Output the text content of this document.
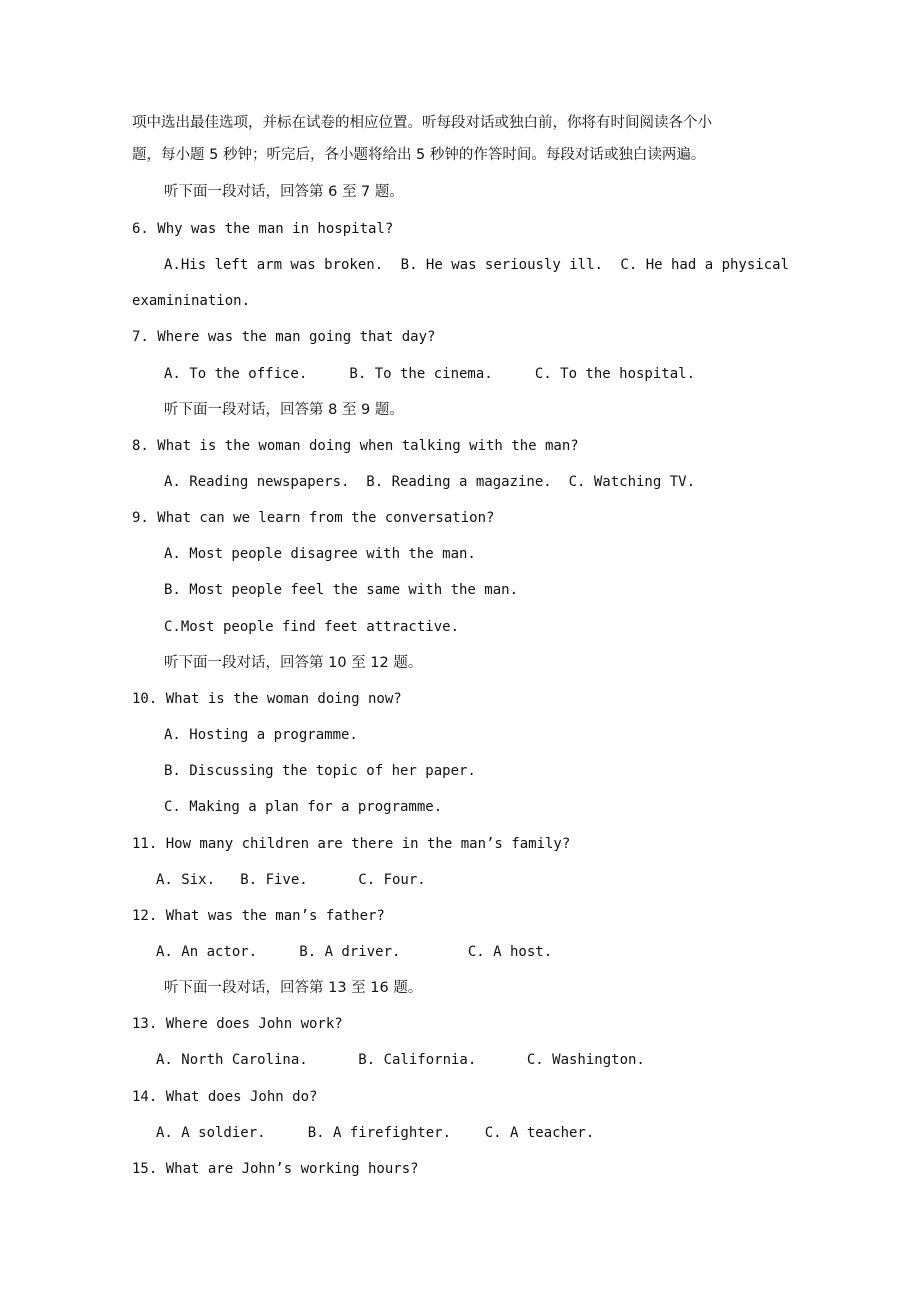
项中选出最佳选项，并标在试卷的相应位置。听每段对话或独白前，你将有时间阅读各个小
题，每小题 5 秒钟；听完后，各小题将给出 5 秒钟的作答时间。每段对话或独白读两遍。
听下面一段对话，回答第 6 至 7 题。
6. Why was the man in hospital?
A.His left arm was broken. B. He was seriously ill. C. He had a physical
examinination.
7. Where was the man going that day?
A. To the office.     B. To the cinema.     C. To the hospital.
听下面一段对话，回答第 8 至 9 题。
8. What is the woman doing when talking with the man?
A. Reading newspapers.  B. Reading a magazine.  C. Watching TV.
9. What can we learn from the conversation?
A. Most people disagree with the man.
B. Most people feel the same with the man.
C.Most people find feet attractive.
听下面一段对话，回答第 10 至 12 题。
10. What is the woman doing now?
A. Hosting a programme.
B. Discussing the topic of her paper.
C. Making a plan for a programme.
11. How many children are there in the man’s family?
A. Six.   B. Five.      C. Four.
12. What was the man’s father?
A. An actor.     B. A driver.        C. A host.
听下面一段对话，回答第 13 至 16 题。
13. Where does John work?
A. North Carolina.      B. California.      C. Washington.
14. What does John do?
A. A soldier.     B. A firefighter.    C. A teacher.
15. What are John’s working hours?
